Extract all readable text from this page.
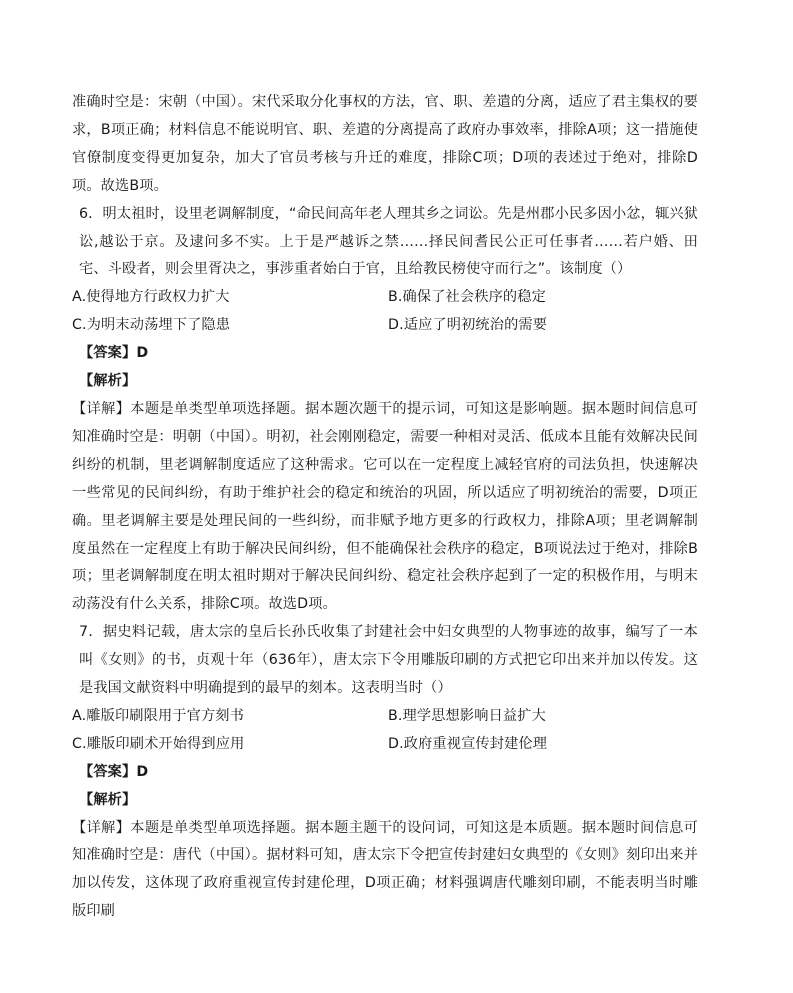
准确时空是：宋朝（中国）。宋代采取分化事权的方法，官、职、差遣的分离，适应了君主集权的要求，B项正确；材料信息不能说明官、职、差遣的分离提高了政府办事效率，排除A项；这一措施使官僚制度变得更加复杂，加大了官员考核与升迁的难度，排除C项；D项的表述过于绝对，排除D项。故选B项。

6．明太祖时，设里老调解制度，“命民间高年老人理其乡之词讼。先是州郡小民多因小忿，辄兴狱讼,越讼于京。及逮问多不实。上于是严越诉之禁……择民间耆民公正可任事者……若户婚、田宅、斗殴者，则会里胥决之，事涉重者始白于官，且给教民榜使守而行之”。该制度（）

A.使得地方行政权力扩大	B.确保了社会秩序的稳定
C.为明末动荡埋下了隐患	D.适应了明初统治的需要

【答案】D

【解析】

【详解】本题是单类型单项选择题。据本题次题干的提示词，可知这是影响题。据本题时间信息可知准确时空是：明朝（中国）。明初，社会刚刚稳定，需要一种相对灵活、低成本且能有效解决民间纠纷的机制，里老调解制度适应了这种需求。它可以在一定程度上减轻官府的司法负担，快速解决一些常见的民间纠纷，有助于维护社会的稳定和统治的巩固，所以适应了明初统治的需要，D项正确。里老调解主要是处理民间的一些纠纷，而非赋予地方更多的行政权力，排除A项；里老调解制度虽然在一定程度上有助于解决民间纠纷，但不能确保社会秩序的稳定，B项说法过于绝对，排除B项；里老调解制度在明太祖时期对于解决民间纠纷、稳定社会秩序起到了一定的积极作用，与明末动荡没有什么关系，排除C项。故选D项。

7．据史料记载，唐太宗的皇后长孙氏收集了封建社会中妇女典型的人物事迹的故事，编写了一本叫《女则》的书，贞观十年（636年），唐太宗下令用雕版印刷的方式把它印出来并加以传发。这是我国文献资料中明确提到的最早的刻本。这表明当时（）

A.雕版印刷限用于官方刻书	B.理学思想影响日益扩大
C.雕版印刷术开始得到应用	D.政府重视宣传封建伦理

【答案】D

【解析】

【详解】本题是单类型单项选择题。据本题主题干的设问词，可知这是本质题。据本题时间信息可知准确时空是：唐代（中国）。据材料可知，唐太宗下令把宣传封建妇女典型的《女则》刻印出来并加以传发，这体现了政府重视宣传封建伦理，D项正确；材料强调唐代雕刻印刷，不能表明当时雕版印刷
